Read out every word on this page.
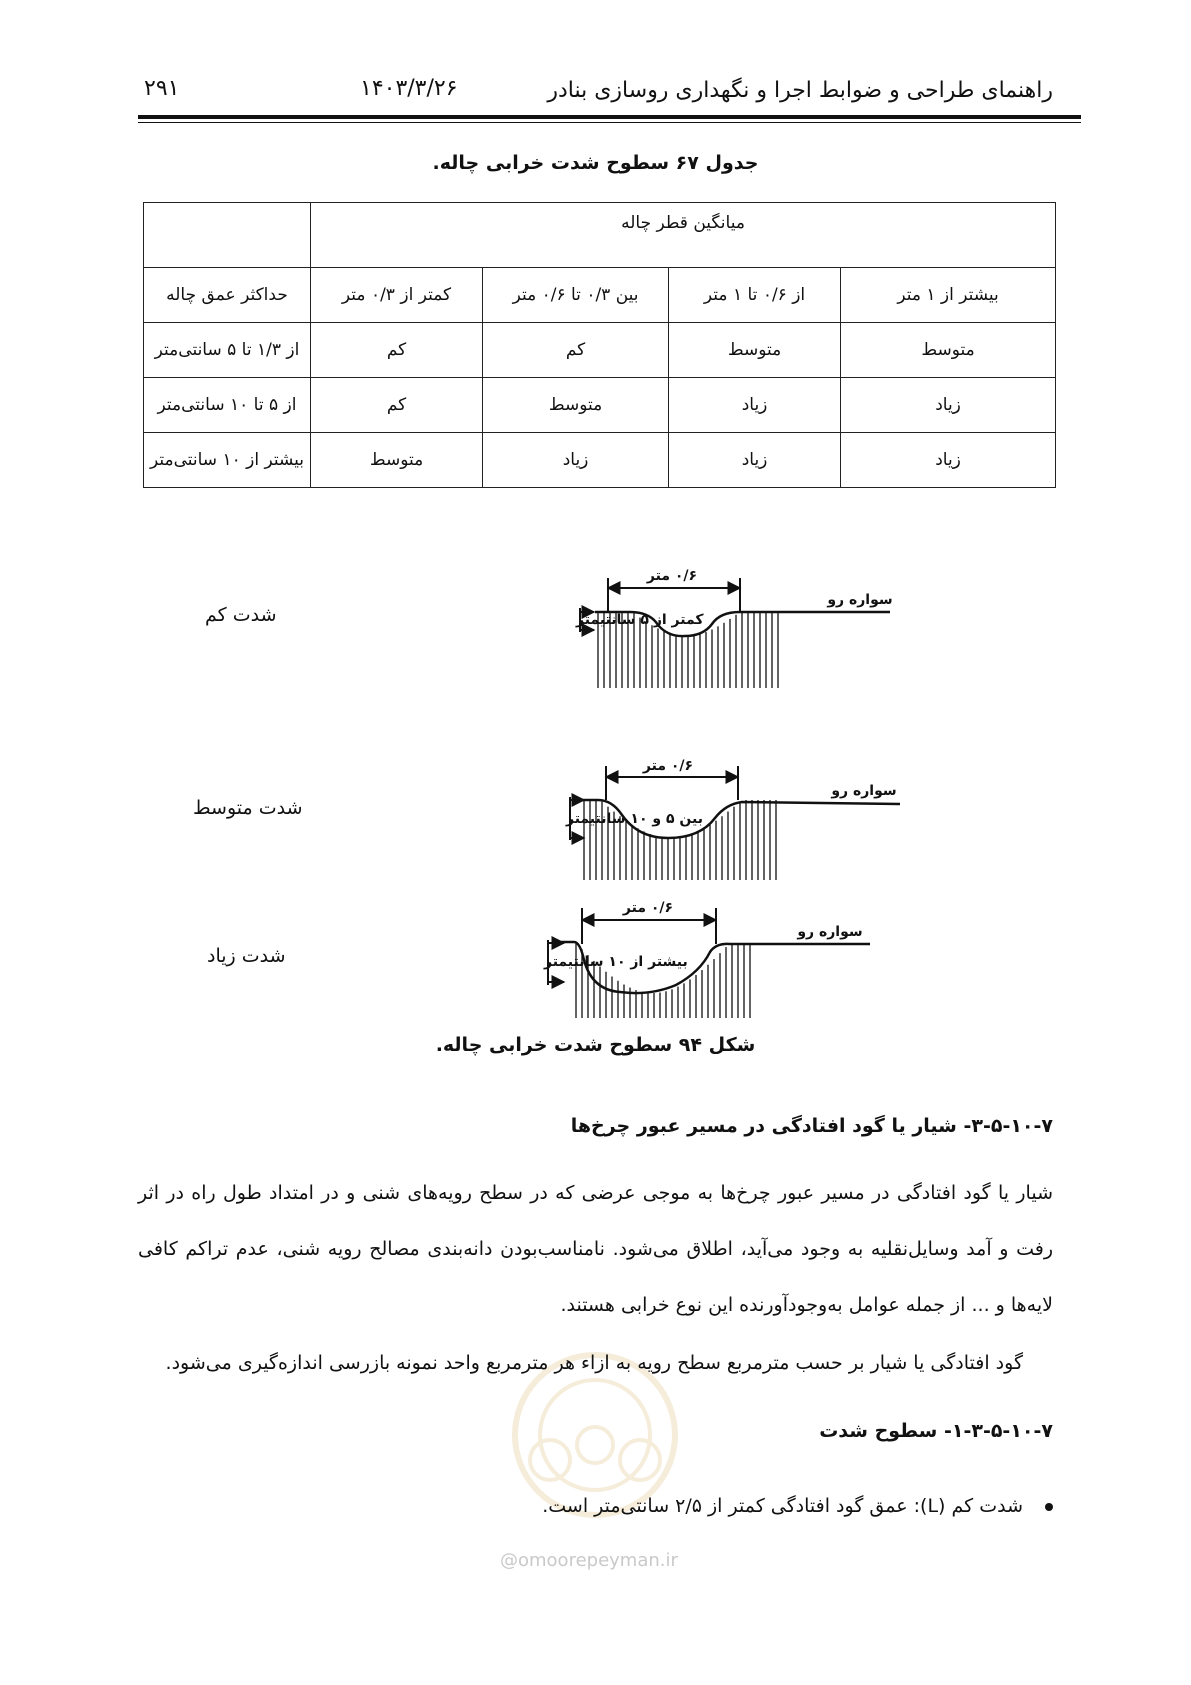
راهنمای طراحی و ضوابط اجرا و نگهداری روسازی بنادر
۱۴۰۳/۳/۲۶
۲۹۱
جدول ۶۷ سطوح شدت خرابی چاله.
میانگین قطر چاله				
بیشتر از ۱ متر	از ۰/۶ تا ۱ متر	بین ۰/۳ تا ۰/۶ متر	کمتر از ۰/۳ متر	حداکثر عمق چاله
متوسط	متوسط	کم	کم	از ۱/۳ تا ۵ سانتی‌متر
زیاد	زیاد	متوسط	کم	از ۵ تا ۱۰ سانتی‌متر
زیاد	زیاد	زیاد	متوسط	بیشتر از ۱۰ سانتی‌متر
شدت کم
شدت متوسط
شدت زیاد
۰/۶ متر
سواره رو
کمتر از ۵ سانتیمتر
۰/۶ متر
سواره رو
بین ۵ و ۱۰ سانتیمتر
۰/۶ متر
سواره رو
بیشتر از ۱۰ سانتیمتر
شکل ۹۴ سطوح شدت خرابی چاله.
@omoorepeyman.ir
۳-۵-۱۰-۷- شیار یا گود افتادگی در مسیر عبور چرخ‌ها
شیار یا گود افتادگی در مسیر عبور چرخ‌ها به موجی عرضی که در سطح رویه‌های شنی و در امتداد طول راه در اثر رفت و آمد وسایل‌نقلیه به وجود می‌آید، اطلاق می‌شود. نامناسب‌بودن دانه‌بندی مصالح رویه شنی، عدم تراکم کافی لایه‌ها و ... از جمله عوامل به‌وجودآورنده این نوع خرابی هستند.
گود افتادگی یا شیار بر حسب مترمربع سطح رویه به ازاء هر مترمربع واحد نمونه بازرسی اندازه‌گیری می‌شود.
۱-۳-۵-۱۰-۷- سطوح شدت
شدت کم (L): عمق گود افتادگی کمتر از ۲/۵ سانتی‌متر است.
